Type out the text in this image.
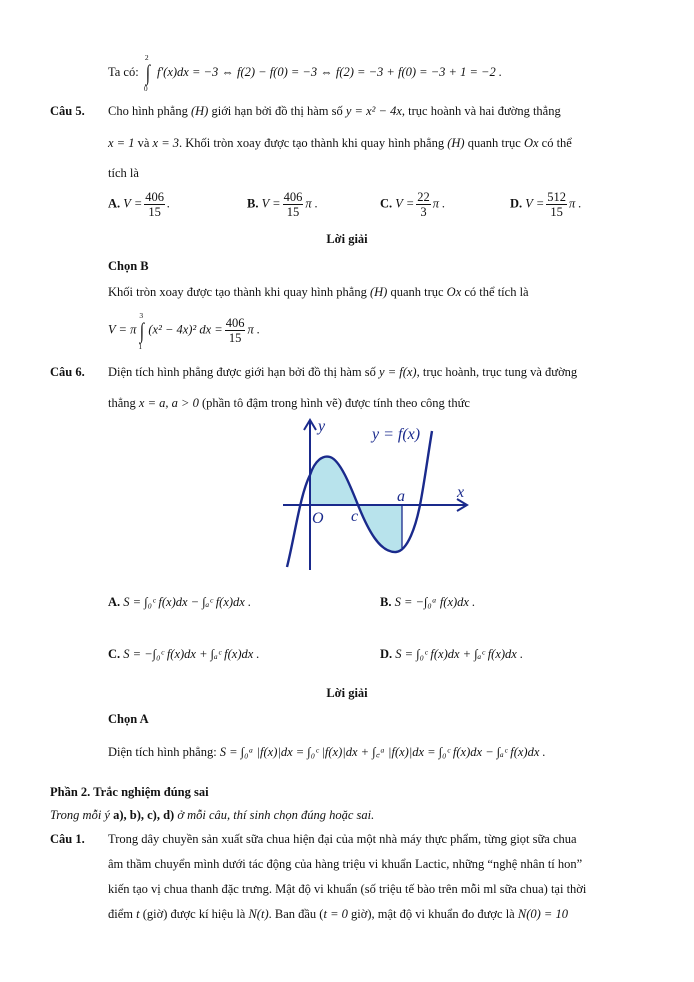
Ta có:
2
∫
0
f′(x)dx = −3 ⇔ f(2) − f(0) = −3 ⇔ f(2) = −3 + f(0) = −3 + 1 = −2 .
Câu 5. Cho hình phẳng (H) giới hạn bởi đồ thị hàm số y = x² − 4x, trục hoành và hai đường thẳng
x = 1 và x = 3. Khối tròn xoay được tạo thành khi quay hình phẳng (H) quanh trục Ox có thể
tích là
A. $V = \frac{406}{15}$ .	B. $V = \frac{406}{15}$ π .	C. $V = \frac{22}{3}$ π .	D. $V = \frac{512}{15}$ π .
Lời giải
Chọn B
Khối tròn xoay được tạo thành khi quay hình phẳng (H) quanh trục Ox có thể tích là
V = π
3
∫
1
(x² − 4x)² dx = $\frac{406}{15}$ π .
Câu 6. Diện tích hình phẳng được giới hạn bởi đồ thị hàm số y = f(x), trục hoành, trục tung và đường
thẳng x = a, a > 0 (phần tô đậm trong hình vẽ) được tính theo công thức
y
x
y = f(x)
O c
a
A. S = ∫₀ᶜ f(x)dx − ∫ₐᶜ f(x)dx .	B. S = −∫₀ᵃ f(x)dx .
C. S = −∫₀ᶜ f(x)dx + ∫ₐᶜ f(x)dx .	D. S = ∫₀ᶜ f(x)dx + ∫ₐᶜ f(x)dx .
Lời giải
Chọn A
Diện tích hình phẳng: S = ∫₀ᵃ |f(x)|dx = ∫₀ᶜ |f(x)|dx + ∫꜀ᵃ |f(x)|dx = ∫₀ᶜ f(x)dx − ∫ₐᶜ f(x)dx .
Phần 2. Trắc nghiệm đúng sai
Trong mỗi ý a), b), c), d) ở mỗi câu, thí sinh chọn đúng hoặc sai.
Câu 1. Trong dây chuyền sản xuất sữa chua hiện đại của một nhà máy thực phẩm, từng giọt sữa chua
âm thầm chuyển mình dưới tác động của hàng triệu vi khuẩn Lactic, những “nghệ nhân tí hon”
kiến tạo vị chua thanh đặc trưng. Mật độ vi khuẩn (số triệu tế bào trên mỗi ml sữa chua) tại thời
điểm t (giờ) được kí hiệu là N(t). Ban đầu (t = 0 giờ), mật độ vi khuẩn đo được là N(0) = 10
